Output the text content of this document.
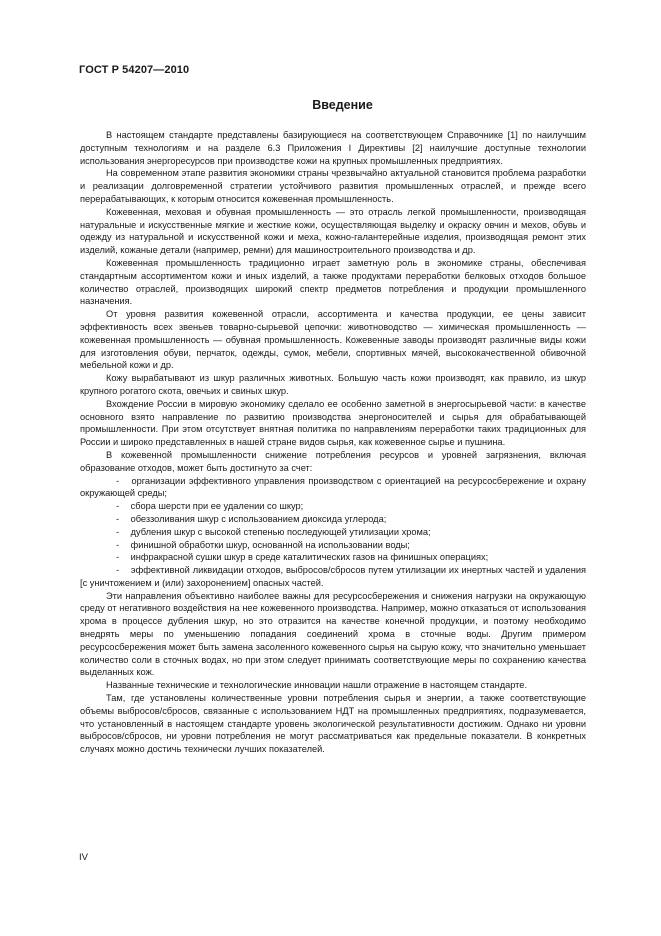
ГОСТ Р 54207—2010
Введение

В настоящем стандарте представлены базирующиеся на соответствующем Справочнике [1] по наилучшим доступным технологиям и на разделе 6.3 Приложения I Директивы [2] наилучшие доступные технологии использования энергоресурсов при производстве кожи на крупных промышленных предприятиях.

На современном этапе развития экономики страны чрезвычайно актуальной становится проблема разработки и реализации долговременной стратегии устойчивого развития промышленных отраслей, и прежде всего перерабатывающих, к которым относится кожевенная промышленность.

Кожевенная, меховая и обувная промышленность — это отрасль легкой промышленности, производящая натуральные и искусственные мягкие и жесткие кожи, осуществляющая выделку и окраску овчин и мехов, обувь и одежду из натуральной и искусственной кожи и меха, кожно-галантерейные изделия, производящая ремонт этих изделий, кожаные детали (например, ремни) для машиностроительного производства и др.

Кожевенная промышленность традиционно играет заметную роль в экономике страны, обеспечивая стандартным ассортиментом кожи и иных изделий, а также продуктами переработки белковых отходов большое количество отраслей, производящих широкий спектр предметов потребления и продукции промышленного назначения.

От уровня развития кожевенной отрасли, ассортимента и качества продукции, ее цены зависит эффективность всех звеньев товарно-сырьевой цепочки: животноводство — химическая промышленность — кожевенная промышленность — обувная промышленность. Кожевенные заводы производят различные виды кожи для изготовления обуви, перчаток, одежды, сумок, мебели, спортивных мячей, высококачественной обивочной мебельной кожи и др.

Кожу вырабатывают из шкур различных животных. Большую часть кожи производят, как правило, из шкур крупного рогатого скота, овечьих и свиных шкур.

Вхождение России в мировую экономику сделало ее особенно заметной в энергосырьевой части: в качестве основного взято направление по развитию производства энергоносителей и сырья для обрабатывающей промышленности. При этом отсутствует внятная политика по направлениям переработки таких традиционных для России и широко представленных в нашей стране видов сырья, как кожевенное сырье и пушнина.

В кожевенной промышленности снижение потребления ресурсов и уровней загрязнения, включая образование отходов, может быть достигнуто за счет:

- организации эффективного управления производством с ориентацией на ресурсосбережение и охрану окружающей среды;

- сбора шерсти при ее удалении со шкур;

- обеззоливания шкур с использованием диоксида углерода;

- дубления шкур с высокой степенью последующей утилизации хрома;

- финишной обработки шкур, основанной на использовании воды;

- инфракрасной сушки шкур в среде каталитических газов на финишных операциях;

- эффективной ликвидации отходов, выбросов/сбросов путем утилизации их инертных частей и удаления [с уничтожением и (или) захоронением] опасных частей.

Эти направления объективно наиболее важны для ресурсосбережения и снижения нагрузки на окружающую среду от негативного воздействия на нее кожевенного производства. Например, можно отказаться от использования хрома в процессе дубления шкур, но это отразится на качестве конечной продукции, и поэтому необходимо внедрять меры по уменьшению попадания соединений хрома в сточные воды. Другим примером ресурсосбережения может быть замена засоленного кожевенного сырья на сырую кожу, что значительно уменьшает количество соли в сточных водах, но при этом следует принимать соответствующие меры по сохранению качества выделанных кож.

Названные технические и технологические инновации нашли отражение в настоящем стандарте.

Там, где установлены количественные уровни потребления сырья и энергии, а также соответствующие объемы выбросов/сбросов, связанные с использованием НДТ на промышленных предприятиях, подразумевается, что установленный в настоящем стандарте уровень экологической результативности достижим. Однако ни уровни выбросов/сбросов, ни уровни потребления не могут рассматриваться как предельные показатели. В конкретных случаях можно достичь технически лучших показателей.

IV
